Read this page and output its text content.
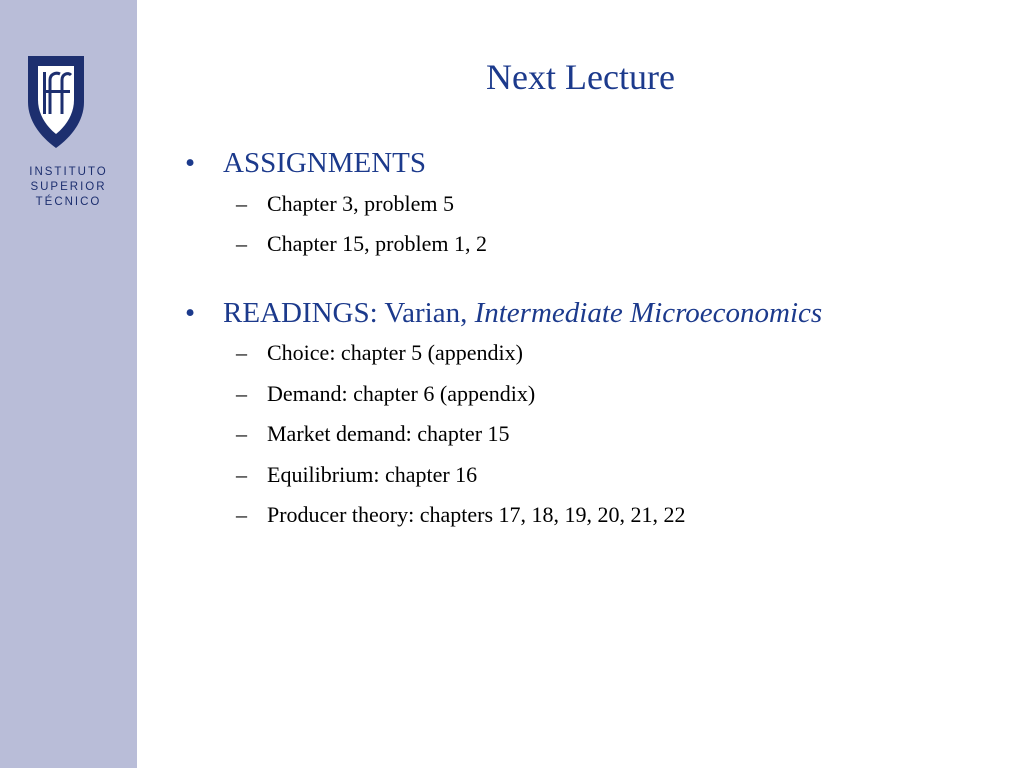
INSTITUTO
SUPERIOR
TÉCNICO
Next Lecture
• ASSIGNMENTS
– Chapter 3, problem 5
– Chapter 15, problem 1, 2
• READINGS: Varian, Intermediate Microeconomics
– Choice: chapter 5 (appendix)
– Demand: chapter 6 (appendix)
– Market demand: chapter 15
– Equilibrium: chapter 16
– Producer theory: chapters 17, 18, 19, 20, 21, 22
